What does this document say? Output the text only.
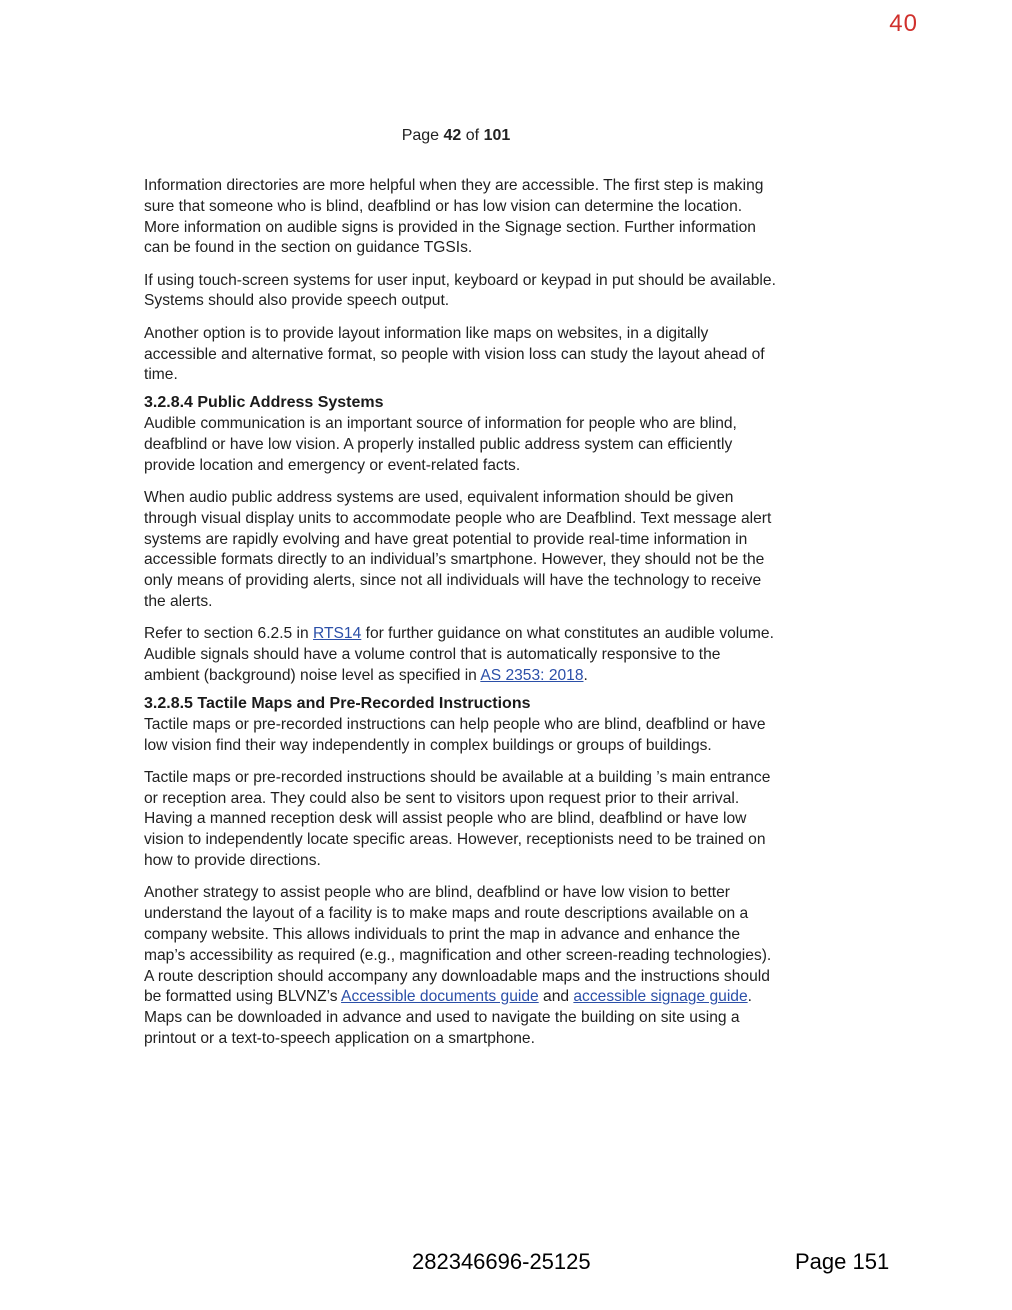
40
Page 42 of 101

Information directories are more helpful when they are accessible. The first step is making sure that someone who is blind, deafblind or has low vision can determine the location. More information on audible signs is provided in the Signage section. Further information can be found in the section on guidance TGSIs.

If using touch-screen systems for user input, keyboard or keypad in put should be available. Systems should also provide speech output.

Another option is to provide layout information like maps on websites, in a digitally accessible and alternative format, so people with vision loss can study the layout ahead of time.

3.2.8.4 Public Address Systems

Audible communication is an important source of information for people who are blind, deafblind or have low vision. A properly installed public address system can efficiently provide location and emergency or event-related facts.

When audio public address systems are used, equivalent information should be given through visual display units to accommodate people who are Deafblind. Text message alert systems are rapidly evolving and have great potential to provide real-time information in accessible formats directly to an individual’s smartphone. However, they should not be the only means of providing alerts, since not all individuals will have the technology to receive the alerts.

Refer to section 6.2.5 in RTS14 for further guidance on what constitutes an audible volume. Audible signals should have a volume control that is automatically responsive to the ambient (background) noise level as specified in AS 2353: 2018.

3.2.8.5 Tactile Maps and Pre-Recorded Instructions

Tactile maps or pre-recorded instructions can help people who are blind, deafblind or have low vision find their way independently in complex buildings or groups of buildings.

Tactile maps or pre-recorded instructions should be available at a building ’s main entrance or reception area. They could also be sent to visitors upon request prior to their arrival. Having a manned reception desk will assist people who are blind, deafblind or have low vision to independently locate specific areas. However, receptionists need to be trained on how to provide directions.

Another strategy to assist people who are blind, deafblind or have low vision to better understand the layout of a facility is to make maps and route descriptions available on a company website. This allows individuals to print the map in advance and enhance the map’s accessibility as required (e.g., magnification and other screen-reading technologies). A route description should accompany any downloadable maps and the instructions should be formatted using BLVNZ’s Accessible documents guide and accessible signage guide. Maps can be downloaded in advance and used to navigate the building on site using a printout or a text-to-speech application on a smartphone.

282346696-25125	Page 151
